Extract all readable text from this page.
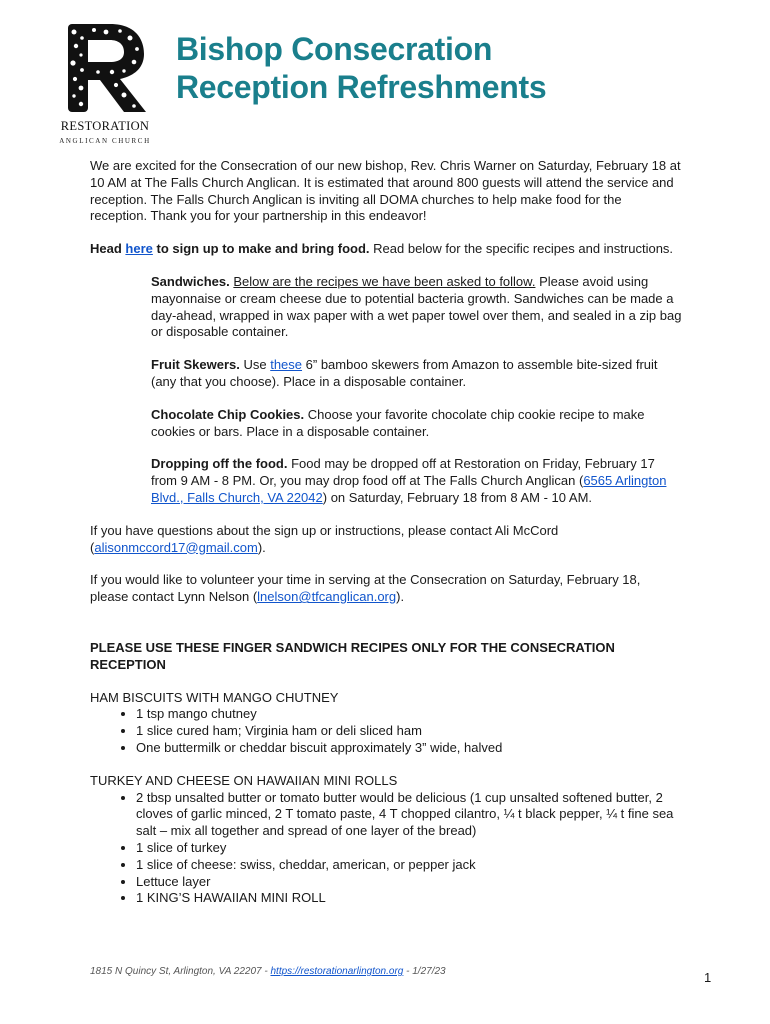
RESTORATION
ANGLICAN CHURCH
Bishop Consecration
Reception Refreshments

We are excited for the Consecration of our new bishop, Rev. Chris Warner on Saturday, February 18 at 10 AM at The Falls Church Anglican. It is estimated that around 800 guests will attend the service and reception. The Falls Church Anglican is inviting all DOMA churches to help make food for the reception. Thank you for your partnership in this endeavor!

Head here to sign up to make and bring food. Read below for the specific recipes and instructions.

Sandwiches. Below are the recipes we have been asked to follow. Please avoid using mayonnaise or cream cheese due to potential bacteria growth. Sandwiches can be made a day-ahead, wrapped in wax paper with a wet paper towel over them, and sealed in a zip bag or disposable container.

Fruit Skewers. Use these 6” bamboo skewers from Amazon to assemble bite-sized fruit (any that you choose). Place in a disposable container.

Chocolate Chip Cookies. Choose your favorite chocolate chip cookie recipe to make cookies or bars. Place in a disposable container.

Dropping off the food. Food may be dropped off at Restoration on Friday, February 17 from 9 AM - 8 PM. Or, you may drop food off at The Falls Church Anglican (6565 Arlington Blvd., Falls Church, VA 22042) on Saturday, February 18 from 8 AM - 10 AM.

If you have questions about the sign up or instructions, please contact Ali McCord (alisonmccord17@gmail.com).

If you would like to volunteer your time in serving at the Consecration on Saturday, February 18, please contact Lynn Nelson (lnelson@tfcanglican.org).

PLEASE USE THESE FINGER SANDWICH RECIPES ONLY FOR THE CONSECRATION RECEPTION

HAM BISCUITS WITH MANGO CHUTNEY

• 1 tsp mango chutney
• 1 slice cured ham; Virginia ham or deli sliced ham
• One buttermilk or cheddar biscuit approximately 3” wide, halved

TURKEY AND CHEESE ON HAWAIIAN MINI ROLLS

• 2 tbsp unsalted butter or tomato butter would be delicious (1 cup unsalted softened butter, 2 cloves of garlic minced, 2 T tomato paste, 4 T chopped cilantro, ¼ t black pepper, ¼ t fine sea salt – mix all together and spread of one layer of the bread)
• 1 slice of turkey
• 1 slice of cheese: swiss, cheddar, american, or pepper jack
• Lettuce layer
• 1 KING’S HAWAIIAN MINI ROLL
1815 N Quincy St, Arlington, VA 22207 - https://restorationarlington.org - 1/27/23	1
